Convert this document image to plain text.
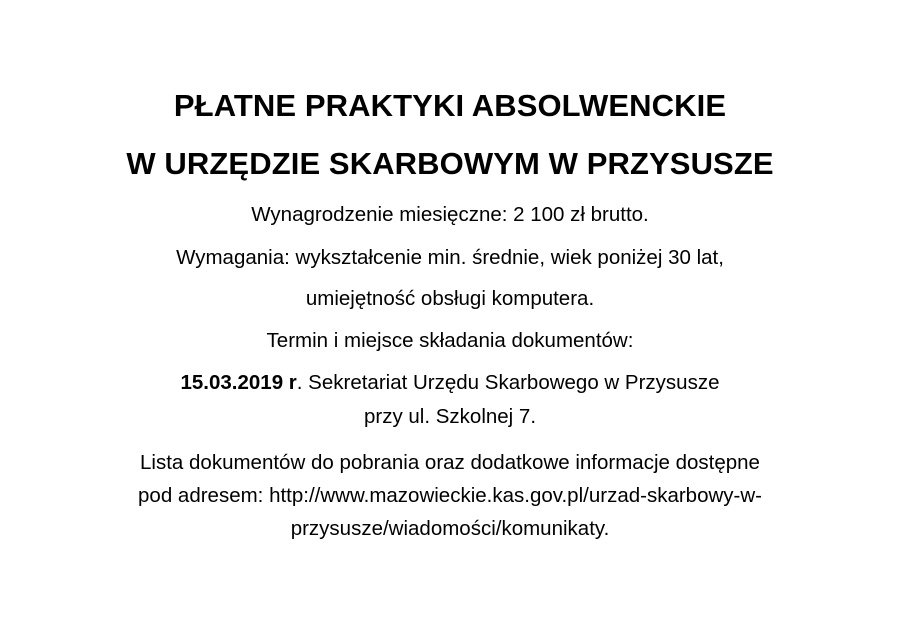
PŁATNE PRAKTYKI ABSOLWENCKIE
W URZĘDZIE SKARBOWYM W PRZYSUSZE
Wynagrodzenie miesięczne: 2 100 zł brutto.
Wymagania: wykształcenie min. średnie, wiek poniżej 30 lat,
umiejętność obsługi komputera.
Termin i miejsce składania dokumentów:
15.03.2019 r. Sekretariat Urzędu Skarbowego w Przysusze
przy ul. Szkolnej 7.
Lista dokumentów do pobrania oraz dodatkowe informacje dostępne
pod adresem: http://www.mazowieckie.kas.gov.pl/urzad-skarbowy-w-
przysusze/wiadomości/komunikaty.
